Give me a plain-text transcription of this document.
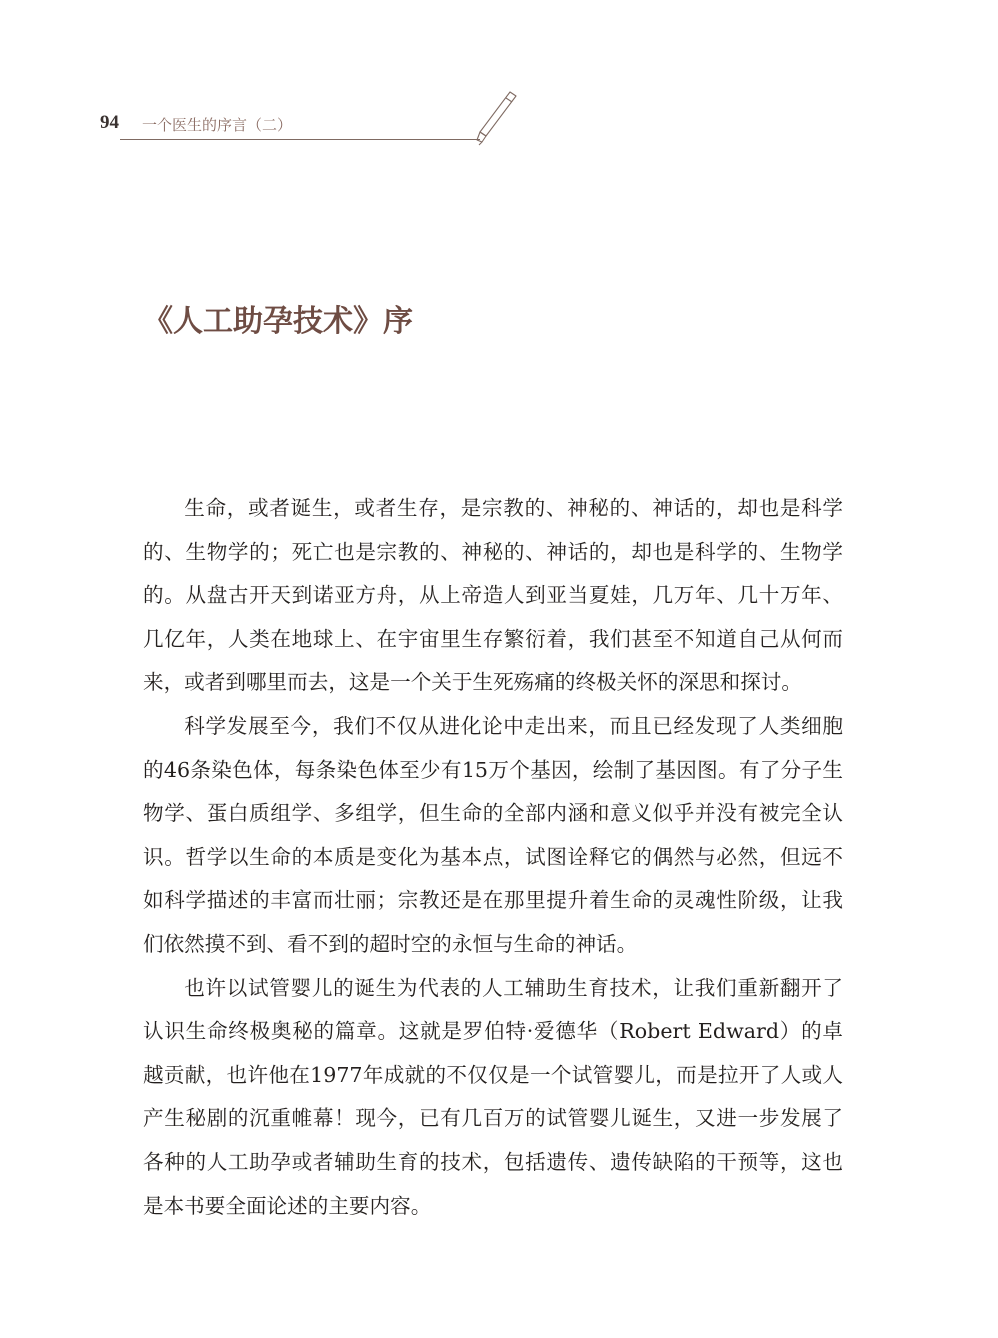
94 一个医生的序言（二）
《人工助孕技术》序

生命，或者诞生，或者生存，是宗教的、神秘的、神话的，却也是科学的、生物学的；死亡也是宗教的、神秘的、神话的，却也是科学的、生物学的。从盘古开天到诺亚方舟，从上帝造人到亚当夏娃，几万年、几十万年、几亿年，人类在地球上、在宇宙里生存繁衍着，我们甚至不知道自己从何而来，或者到哪里而去，这是一个关于生死殇痛的终极关怀的深思和探讨。

科学发展至今，我们不仅从进化论中走出来，而且已经发现了人类细胞的46条染色体，每条染色体至少有15万个基因，绘制了基因图。有了分子生物学、蛋白质组学、多组学，但生命的全部内涵和意义似乎并没有被完全认识。哲学以生命的本质是变化为基本点，试图诠释它的偶然与必然，但远不如科学描述的丰富而壮丽；宗教还是在那里提升着生命的灵魂性阶级，让我们依然摸不到、看不到的超时空的永恒与生命的神话。

也许以试管婴儿的诞生为代表的人工辅助生育技术，让我们重新翻开了认识生命终极奥秘的篇章。这就是罗伯特·爱德华（Robert Edward）的卓越贡献，也许他在1977年成就的不仅仅是一个试管婴儿，而是拉开了人或人产生秘剧的沉重帷幕！现今，已有几百万的试管婴儿诞生，又进一步发展了各种的人工助孕或者辅助生育的技术，包括遗传、遗传缺陷的干预等，这也是本书要全面论述的主要内容。
